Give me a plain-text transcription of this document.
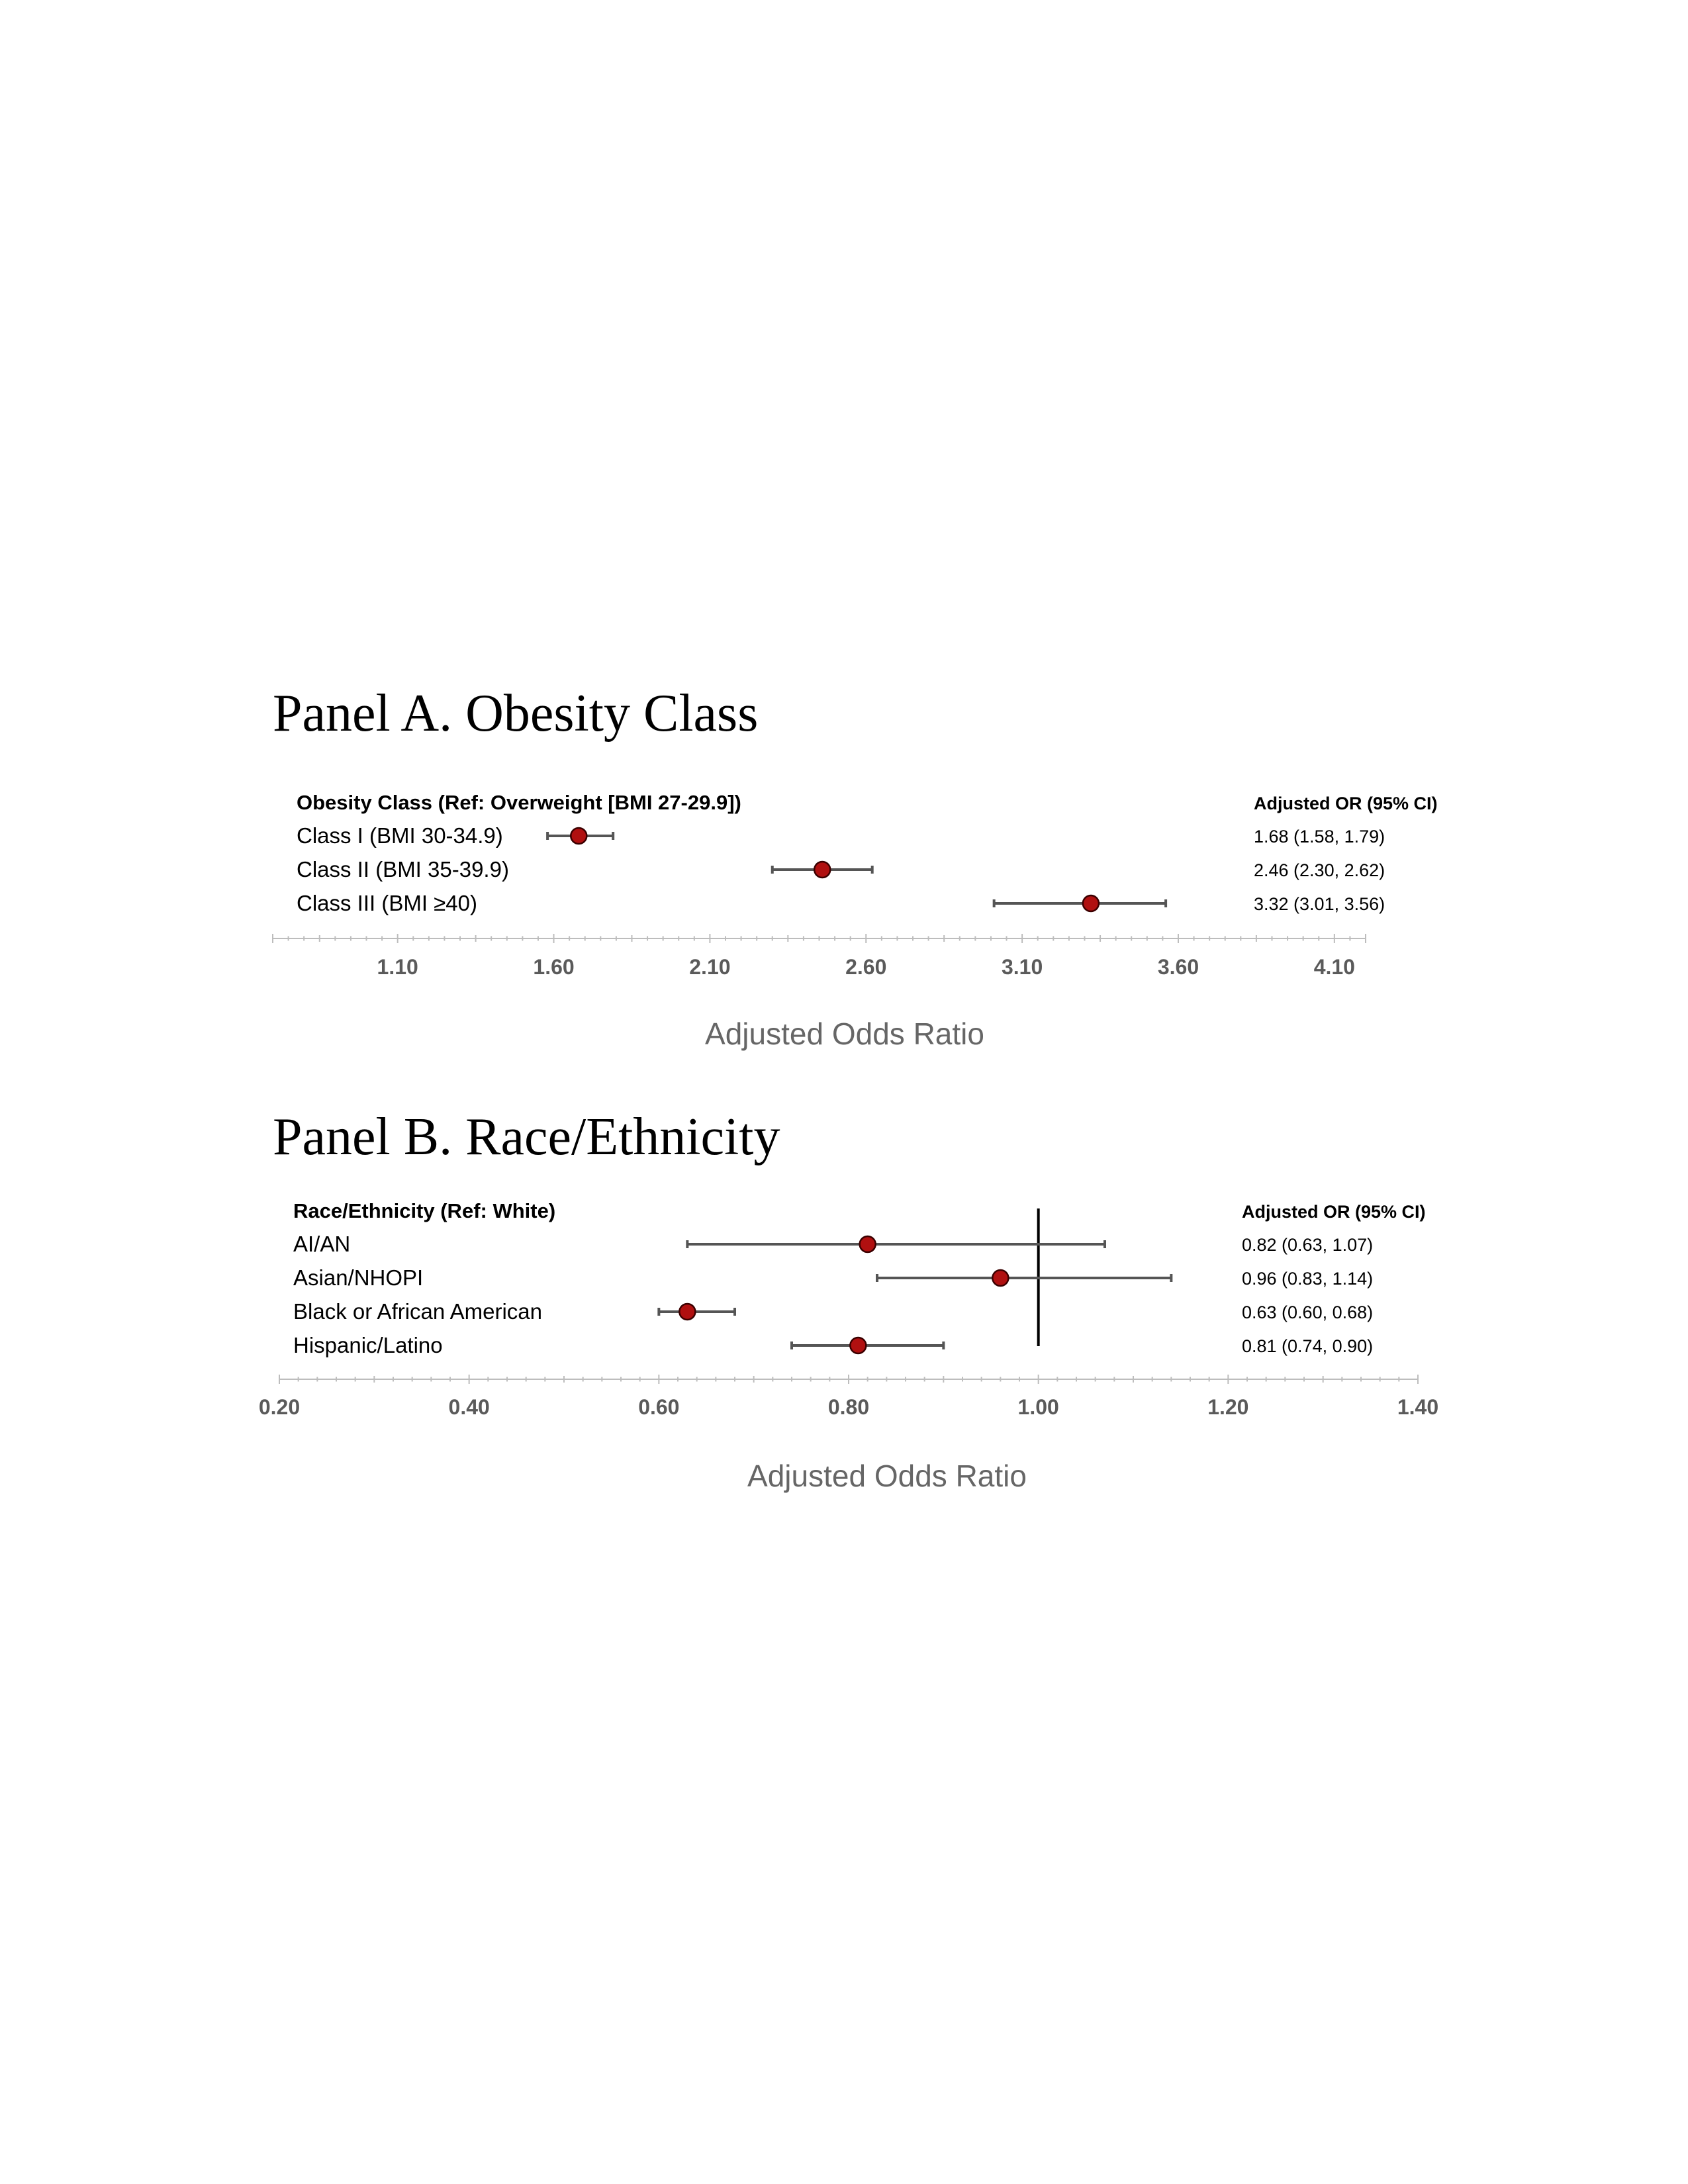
Panel A. Obesity Class
Obesity Class (Ref: Overweight [BMI 27-29.9])	Adjusted OR (95% CI)
1.10	1.60	2.10	2.60	3.10	3.60	4.10
Adjusted Odds Ratio
Class I (BMI 30-34.9)	1.68 (1.58, 1.79)
Class II (BMI 35-39.9)	2.46 (2.30, 2.62)
Class III (BMI ≥40)	3.32 (3.01, 3.56)
Panel B. Race/Ethnicity
Race/Ethnicity (Ref: White)	Adjusted OR (95% CI)
0.20	0.40	0.60	0.80	1.00	1.20	1.40
Adjusted Odds Ratio
AI/AN	0.82 (0.63, 1.07)
Asian/NHOPI	0.96 (0.83, 1.14)
Black or African American	0.63 (0.60, 0.68)
Hispanic/Latino	0.81 (0.74, 0.90)
